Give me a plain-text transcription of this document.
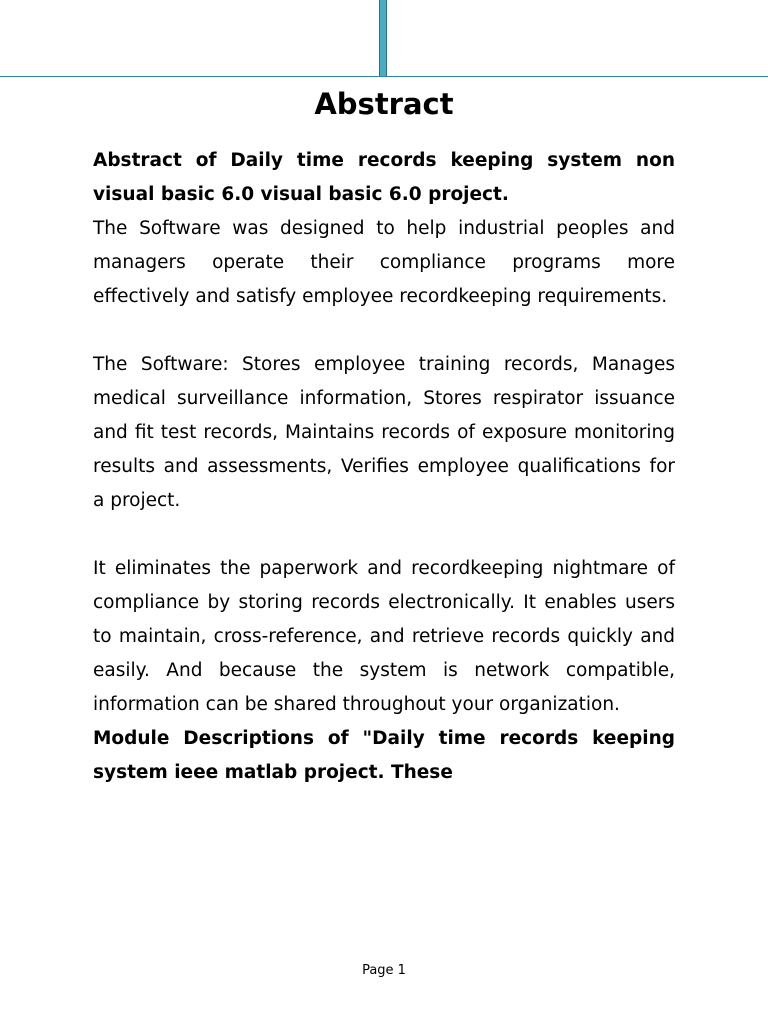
Abstract

Abstract of Daily time records keeping system non visual basic 6.0 visual basic 6.0 project.

The Software was designed to help industrial peoples and managers operate their compliance programs more effectively and satisfy employee recordkeeping requirements.

The Software: Stores employee training records, Manages medical surveillance information, Stores respirator issuance and fit test records, Maintains records of exposure monitoring results and assessments, Verifies employee qualifications for a project.

It eliminates the paperwork and recordkeeping nightmare of compliance by storing records electronically. It enables users to maintain, cross-reference, and retrieve records quickly and easily. And because the system is network compatible, information can be shared throughout your organization.

Module Descriptions of "Daily time records keeping system ieee matlab project. These

Page 1
